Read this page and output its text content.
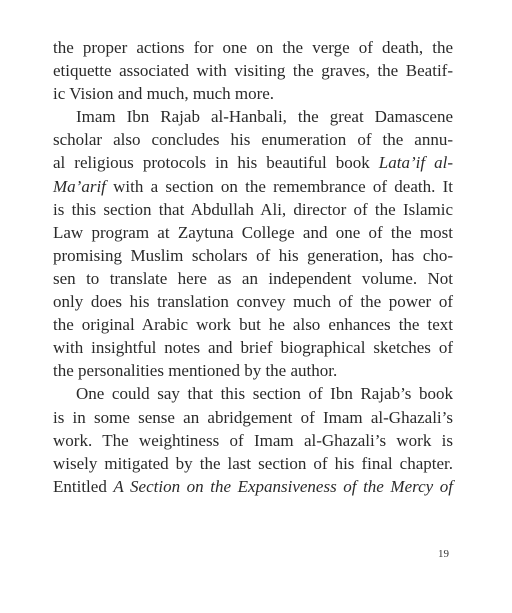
the proper actions for one on the verge of death, the
etiquette associated with visiting the graves, the Beatif-
ic Vision and much, much more.
Imam Ibn Rajab al-Hanbali, the great Damascene
scholar also concludes his enumeration of the annu-
al religious protocols in his beautiful book Lata’if al-
Ma’arif with a section on the remembrance of death. It
is this section that Abdullah Ali, director of the Islamic
Law program at Zaytuna College and one of the most
promising Muslim scholars of his generation, has cho-
sen to translate here as an independent volume. Not
only does his translation convey much of the power of
the original Arabic work but he also enhances the text
with insightful notes and brief biographical sketches of
the personalities mentioned by the author.
One could say that this section of Ibn Rajab’s book
is in some sense an abridgement of Imam al-Ghazali’s
work. The weightiness of Imam al-Ghazali’s work is
wisely mitigated by the last section of his final chapter.
Entitled A Section on the Expansiveness of the Mercy of
19
